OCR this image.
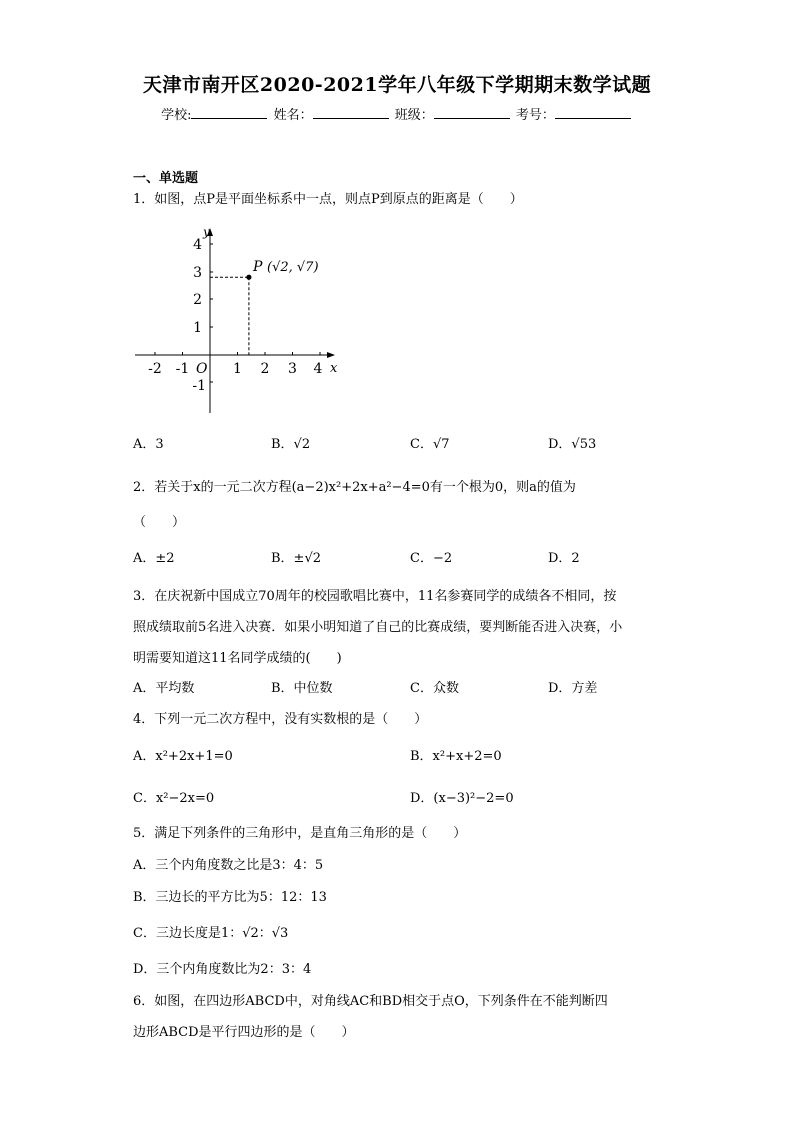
天津市南开区2020-2021学年八年级下学期期末数学试题
学校:	姓名：	班级：	考号：
一、单选题
1．如图，点P是平面坐标系中一点，则点P到原点的距离是（　　）
-2 -1	1 2 3 4 x
4
3
2
1
-1
y
O
P (√2, √7)
A．3	B．√2	C．√7	D．√53
2．若关于x的一元二次方程(a−2)x²+2x+a²−4=0有一个根为0，则a的值为
（　　）
A．±2	B．±√2	C．−2	D．2
3．在庆祝新中国成立70周年的校园歌唱比赛中，11名参赛同学的成绩各不相同，按
照成绩取前5名进入决赛．如果小明知道了自己的比赛成绩，要判断能否进入决赛，小
明需要知道这11名同学成绩的(　　)
A．平均数	B．中位数	C．众数	D．方差
4．下列一元二次方程中，没有实数根的是（　　）
A．x²+2x+1=0	B．x²+x+2=0
C．x²−2x=0	D．(x−3)²−2=0
5．满足下列条件的三角形中，是直角三角形的是（　　）
A．三个内角度数之比是3：4：5
B．三边长的平方比为5：12：13
C．三边长度是1：√2：√3
D．三个内角度数比为2：3：4
6．如图，在四边形ABCD中，对角线AC和BD相交于点O，下列条件在不能判断四
边形ABCD是平行四边形的是（　　）
